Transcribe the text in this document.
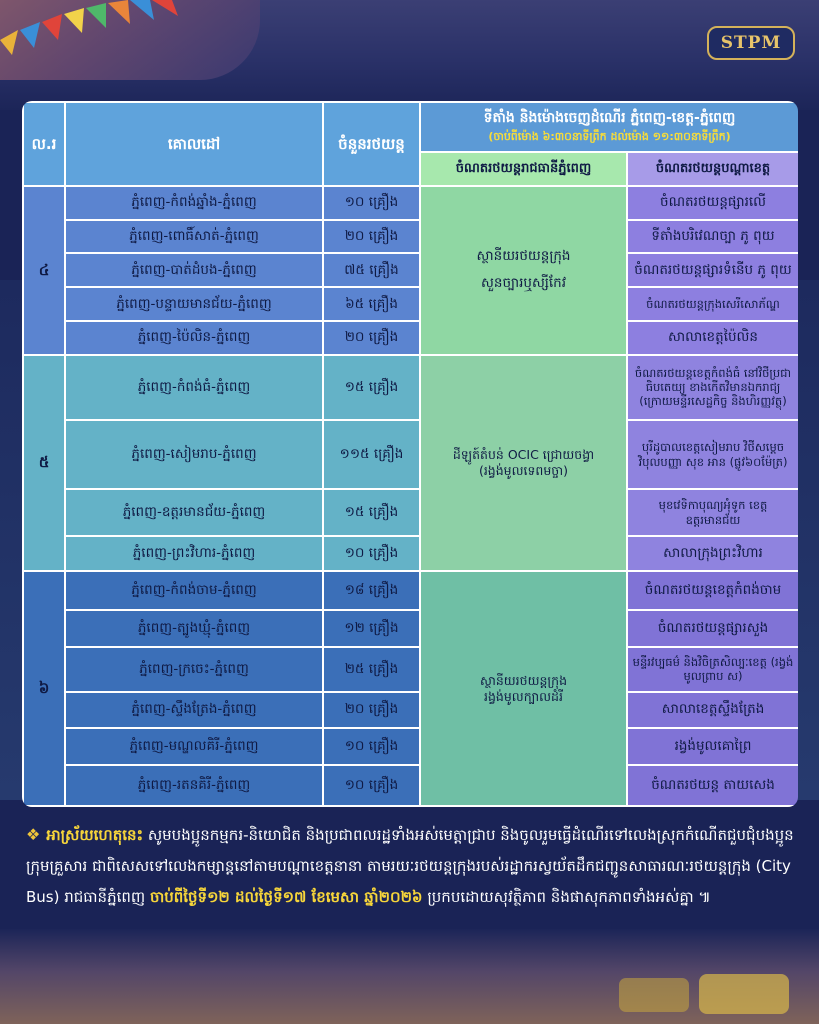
STPM
ល.រ	គោលដៅ	ចំនួនរថយន្ត	ទីតាំង និងម៉ោងចេញដំណើរ ភ្នំពេញ-ខេត្ត-ភ្នំពេញ
(ចាប់ពីម៉ោង ៦:៣០នាទីព្រឹក ដល់ម៉ោង ១១:៣០នាទីព្រឹក)	

			ចំណតរថយន្តរាជធានីភ្នំពេញ	ចំណតរថយន្តបណ្ដាខេត្ត
៤	ភ្នំពេញ-កំពង់ឆ្នាំង-ភ្នំពេញ	១០ គ្រឿង	ស្ថានីយរថយន្តក្រុង
សួនច្បារឬស្សីកែវ	ចំណតរថយន្តផ្សារលើ
	ភ្នំពេញ-ពោធិ៍សាត់-ភ្នំពេញ	២០ គ្រឿង		ទីតាំងបរិវេណច្បា ភូ ពុយ
	ភ្នំពេញ-បាត់ដំបង-ភ្នំពេញ	៧៥ គ្រឿង		ចំណតរថយន្តផ្សារទំនើប ភូ ពុយ
	ភ្នំពេញ-បន្ទាយមានជ័យ-ភ្នំពេញ	៦៥ គ្រឿង		ចំណតរថយន្តក្រុងសេរីសោភ័ណ្ឌ
	ភ្នំពេញ-ប៉ៃលិន-ភ្នំពេញ	២០ គ្រឿង		សាលាខេត្តប៉ៃលិន
៥	ភ្នំពេញ-កំពង់ធំ-ភ្នំពេញ	១៥ គ្រឿង	ដីឡូត៍តំបន់ OCIC ជ្រោយចង្វា
(រង្វង់មូលទេពមច្ចា)	ចំណតរថយន្តខេត្តកំពង់ធំ នៅវិថីប្រជាធិបតេយ្យ ខាងកើតវិមានឯករាជ្យ (ក្រោយមន្ទីរសេដ្ឋកិច្ច និងហិរញ្ញវត្ថុ)
	ភ្នំពេញ-សៀមរាប-ភ្នំពេញ	១១៥ គ្រឿង		បុរីដូបាលខេត្តសៀមរាប វិថីសម្ដេចវិបុលបញ្ញា សុខ អាន (ផ្លូវ៦០ម៉ែត្រ)
	ភ្នំពេញ-ឧត្ដរមានជ័យ-ភ្នំពេញ	១៥ គ្រឿង		មុខវេទិកាបុណ្យអុំទូក ខេត្តឧត្ដរមានជ័យ
	ភ្នំពេញ-ព្រះវិហារ-ភ្នំពេញ	១០ គ្រឿង		សាលាក្រុងព្រះវិហារ
៦	ភ្នំពេញ-កំពង់ចាម-ភ្នំពេញ	១៨ គ្រឿង	ស្ថានីយរថយន្តក្រុង
រង្វង់មូលក្បាលដំរី	ចំណតរថយន្តខេត្តកំពង់ចាម
	ភ្នំពេញ-ត្បូងឃ្មុំ-ភ្នំពេញ	១២ គ្រឿង		ចំណតរថយន្តផ្សារសួង
	ភ្នំពេញ-ក្រចេះ-ភ្នំពេញ	២៥ គ្រឿង		មន្ទីរវប្បធម៌ និងវិចិត្រសិល្បៈខេត្ត (រង្វង់មូលព្រាប ស)
	ភ្នំពេញ-ស្ទឹងត្រែង-ភ្នំពេញ	២០ គ្រឿង		សាលាខេត្តស្ទឹងត្រែង
	ភ្នំពេញ-មណ្ឌលគិរី-ភ្នំពេញ	១០ គ្រឿង		រង្វង់មូលគោព្រៃ
	ភ្នំពេញ-រតនគិរី-ភ្នំពេញ	១០ គ្រឿង		ចំណតរថយន្ត តាយសេង
❖ អាស្រ័យហេតុនេះ សូមបងប្អូនកម្មករ-និយោជិត និងប្រជាពលរដ្ឋទាំងអស់មេត្តាជ្រាប និងចូលរួមធ្វើដំណើរទៅលេងស្រុកកំណើតជួបជុំបងប្អូនក្រុមគ្រួសារ ជាពិសេសទៅលេងកម្សាន្តនៅតាមបណ្ដាខេត្តនានា តាមរយៈរថយន្តក្រុងរបស់រដ្ឋាករស្វយ័តដឹកជញ្ជូនសាធារណៈរថយន្តក្រុង (City Bus) រាជធានីភ្នំពេញ ចាប់ពីថ្ងៃទី១២ ដល់ថ្ងៃទី១៧ ខែមេសា ឆ្នាំ២០២៦ ប្រកបដោយសុវត្ថិភាព និងផាសុកភាពទាំងអស់គ្នា ៕
